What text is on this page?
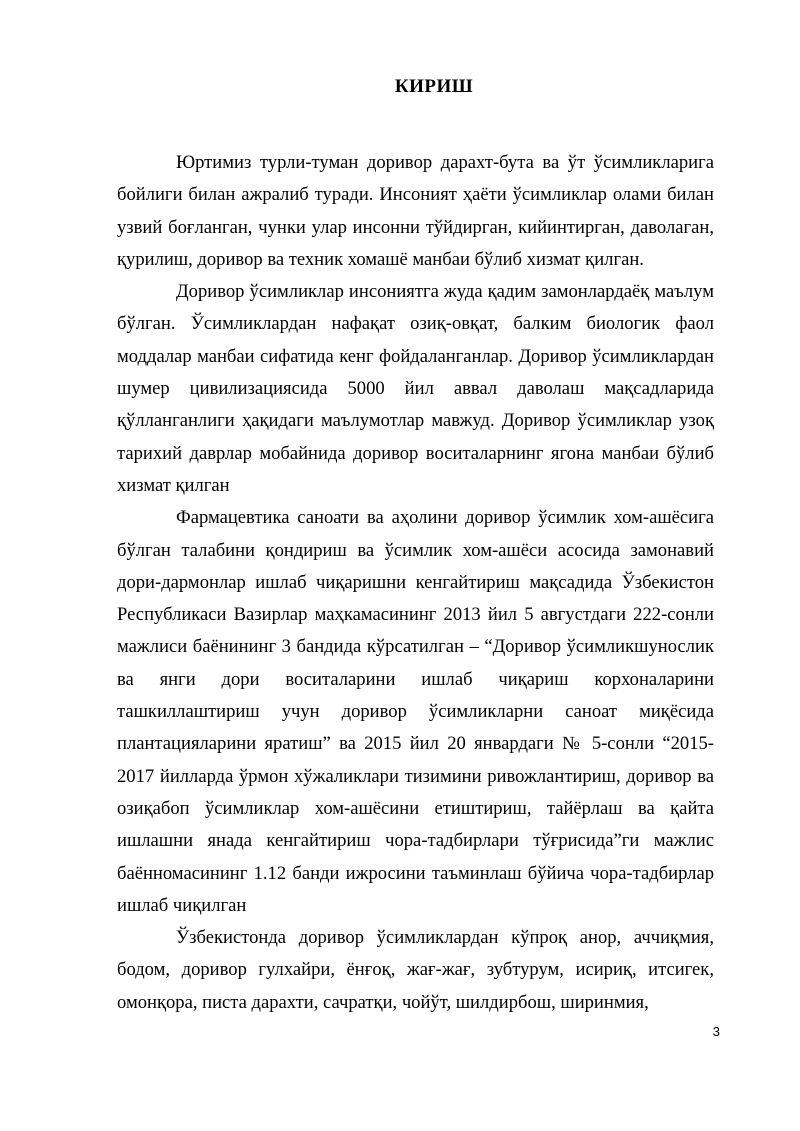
КИРИШ

Юртимиз турли-туман доривор дарахт-бута ва ўт ўсимликларига бойлиги билан ажралиб туради. Инсоният ҳаёти ўсимликлар олами билан узвий боғланган, чунки улар инсонни тўйдирган, кийинтирган, даволаган, қурилиш, доривор ва техник хомашё манбаи бўлиб хизмат қилган.

Доривор ўсимликлар инсониятга жуда қадим замонлардаёқ маълум бўлган. Ўсимликлардан нафақат озиқ-овқат, балким биологик фаол моддалар манбаи сифатида кенг фойдаланганлар. Доривор ўсимликлардан шумер цивилизациясида 5000 йил аввал даволаш мақсадларида қўлланганлиги ҳақидаги маълумотлар мавжуд. Доривор ўсимликлар узоқ тарихий даврлар мобайнида доривор воситаларнинг ягона манбаи бўлиб хизмат қилган

Фармацевтика саноати ва аҳолини доривор ўсимлик хом-ашёсига бўлган талабини қондириш ва ўсимлик хом-ашёси асосида замонавий дори-дармонлар ишлаб чиқаришни кенгайтириш мақсадида Ўзбекистон Республикаси Вазирлар маҳкамасининг 2013 йил 5 августдаги 222-сонли мажлиси баёнининг 3 бандида кўрсатилган – “Доривор ўсимликшунослик ва янги дори воситаларини ишлаб чиқариш корхоналарини ташкиллаштириш учун доривор ўсимликларни саноат миқёсида плантацияларини яратиш” ва 2015 йил 20 январдаги № 5-сонли “2015-2017 йилларда ўрмон хўжаликлари тизимини ривожлантириш, доривор ва озиқабоп ўсимликлар хом-ашёсини етиштириш, тайёрлаш ва қайта ишлашни янада кенгайтириш чора-тадбирлари тўғрисида”ги мажлис баённомасининг 1.12 банди ижросини таъминлаш бўйича чора-тадбирлар ишлаб чиқилган

Ўзбекистонда доривор ўсимликлардан кўпроқ анор, аччиқмия, бодом, доривор гулхайри, ёнғоқ, жағ-жағ, зубтурум, исириқ, итсигек, омонқора, писта дарахти, сачратқи, чойўт, шилдирбош, ширинмия,

3
